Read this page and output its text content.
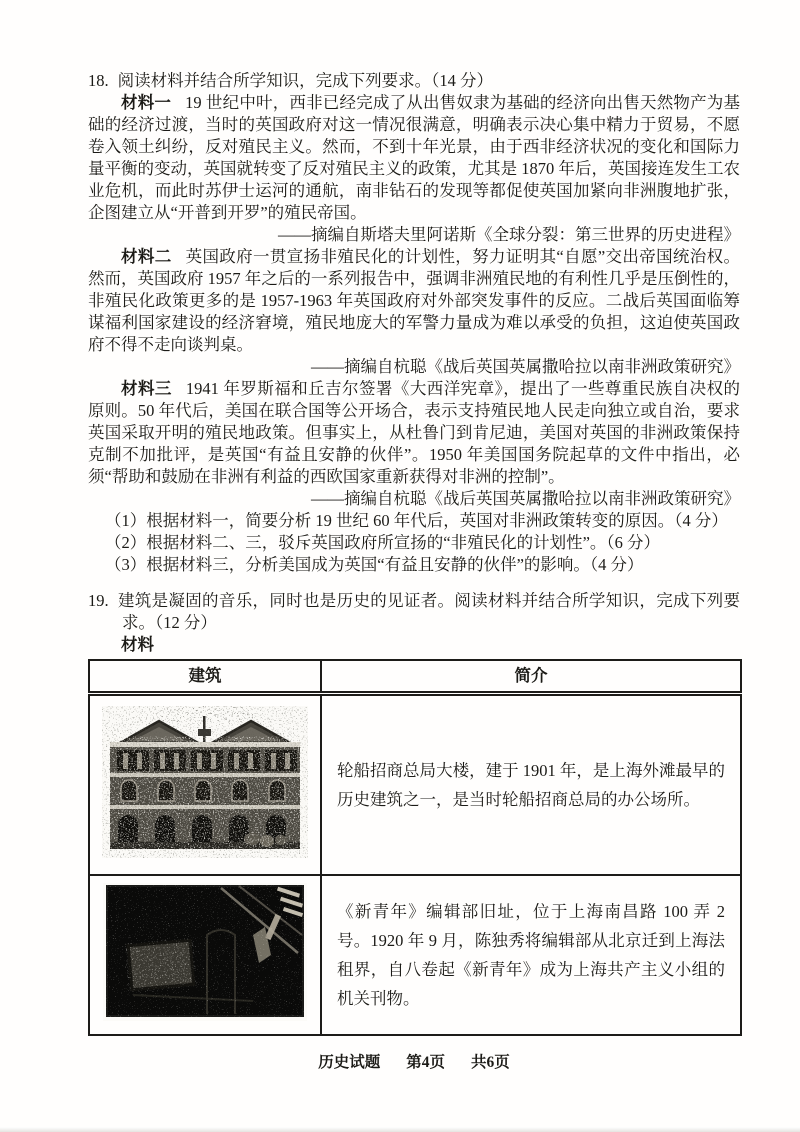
18. 阅读材料并结合所学知识，完成下列要求。（14 分）

材料一 19 世纪中叶，西非已经完成了从出售奴隶为基础的经济向出售天然物产为基础的经济过渡，当时的英国政府对这一情况很满意，明确表示决心集中精力于贸易，不愿卷入领土纠纷，反对殖民主义。然而，不到十年光景，由于西非经济状况的变化和国际力量平衡的变动，英国就转变了反对殖民主义的政策，尤其是 1870 年后，英国接连发生工农业危机，而此时苏伊士运河的通航，南非钻石的发现等都促使英国加紧向非洲腹地扩张，企图建立从“开普到开罗”的殖民帝国。

——摘编自斯塔夫里阿诺斯《全球分裂：第三世界的历史进程》

材料二 英国政府一贯宣扬非殖民化的计划性，努力证明其“自愿”交出帝国统治权。然而，英国政府 1957 年之后的一系列报告中，强调非洲殖民地的有利性几乎是压倒性的，非殖民化政策更多的是 1957-1963 年英国政府对外部突发事件的反应。二战后英国面临筹谋福利国家建设的经济窘境，殖民地庞大的军警力量成为难以承受的负担，这迫使英国政府不得不走向谈判桌。

——摘编自杭聪《战后英国英属撒哈拉以南非洲政策研究》

材料三 1941 年罗斯福和丘吉尔签署《大西洋宪章》，提出了一些尊重民族自决权的原则。50 年代后，美国在联合国等公开场合，表示支持殖民地人民走向独立或自治，要求英国采取开明的殖民地政策。但事实上，从杜鲁门到肯尼迪，美国对英国的非洲政策保持克制不加批评，是英国“有益且安静的伙伴”。1950 年美国国务院起草的文件中指出，必须“帮助和鼓励在非洲有利益的西欧国家重新获得对非洲的控制”。

——摘编自杭聪《战后英国英属撒哈拉以南非洲政策研究》

（1）根据材料一，简要分析 19 世纪 60 年代后，英国对非洲政策转变的原因。（4 分）

（2）根据材料二、三，驳斥英国政府所宣扬的“非殖民化的计划性”。（6 分）

（3）根据材料三，分析美国成为英国“有益且安静的伙伴”的影响。（4 分）

19. 建筑是凝固的音乐，同时也是历史的见证者。阅读材料并结合所学知识，完成下列要求。（12 分）

材料

建筑	简介

轮船招商总局大楼，建于 1901 年，是上海外滩最早的历史建筑之一，是当时轮船招商总局的办公场所。

《新青年》编辑部旧址，位于上海南昌路 100 弄 2 号。1920 年 9 月，陈独秀将编辑部从北京迁到上海法租界，自八卷起《新青年》成为上海共产主义小组的机关刊物。

历史试题 第4页 共6页
